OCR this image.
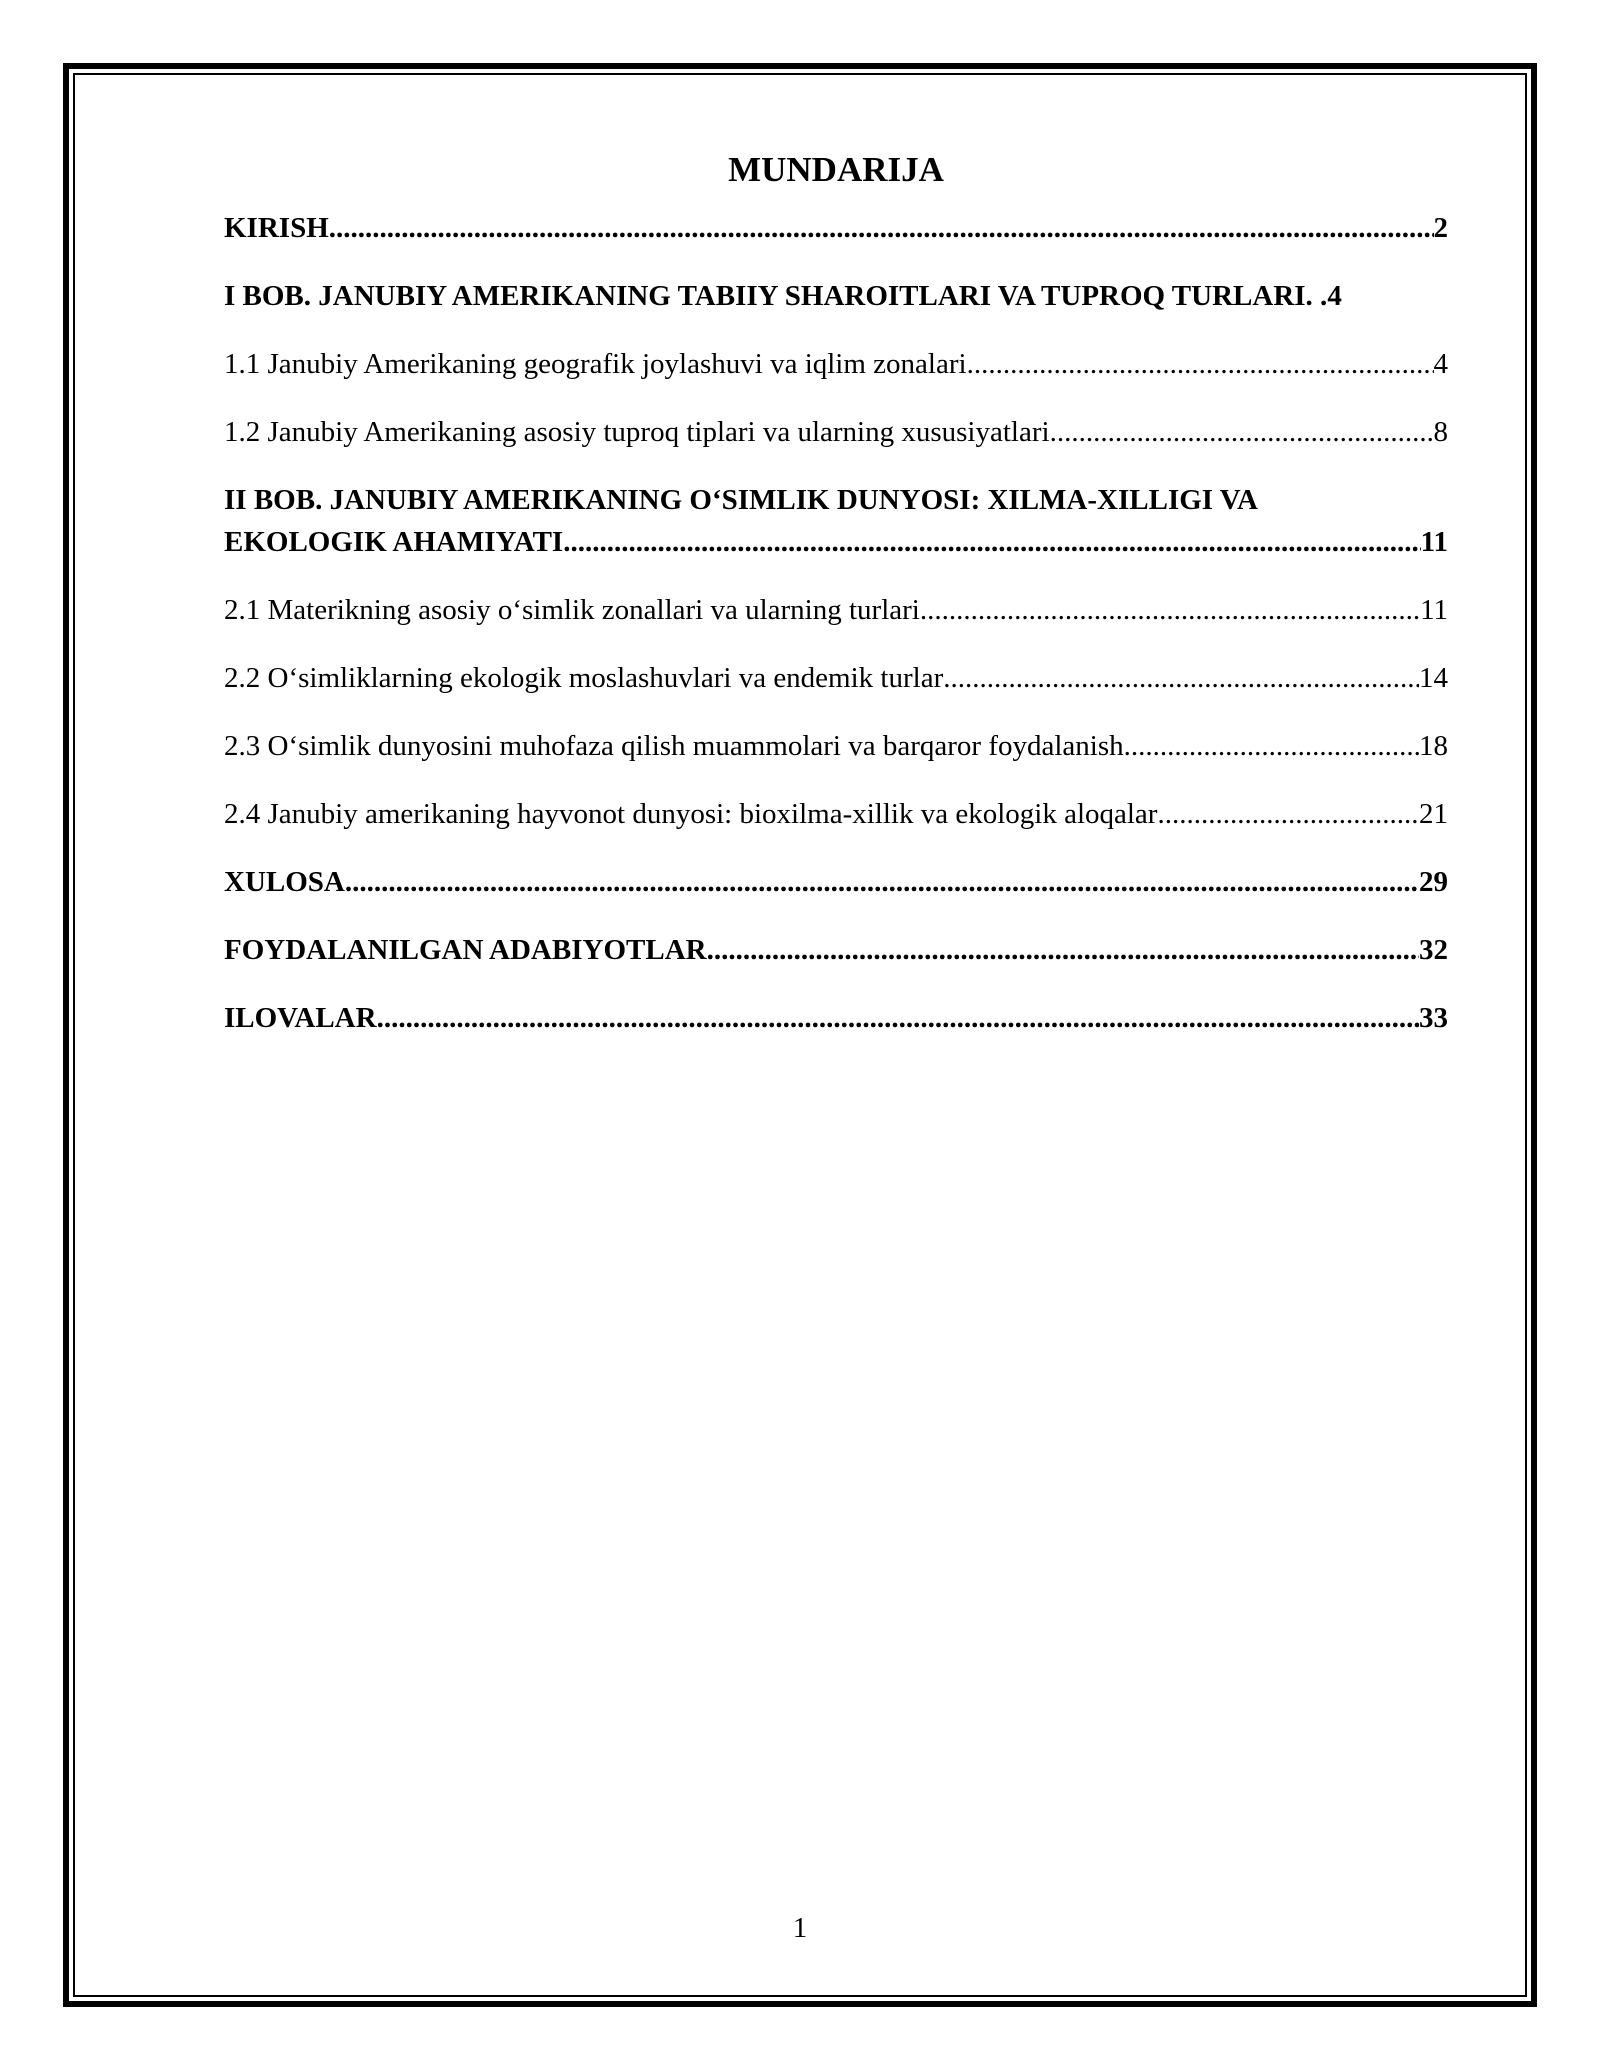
MUNDARIJA
KIRISH .....	2
I BOB. JANUBIY AMERIKANING TABIIY SHAROITLARI VA TUPROQ TURLARI. . 4
1.1 Janubiy Amerikaning geografik joylashuvi va iqlim zonalari .....	4
1.2 Janubiy Amerikaning asosiy tuproq tiplari va ularning xususiyatlari .....	8
II BOB. JANUBIY AMERIKANING O‘SIMLIK DUNYOSI: XILMA-XILLIGI VA
EKOLOGIK AHAMIYATI .....	11
2.1 Materikning asosiy o‘simlik zonallari va ularning turlari .....	11
2.2 O‘simliklarning ekologik moslashuvlari va endemik turlar .....	14
2.3 O‘simlik dunyosini muhofaza qilish muammolari va barqaror foydalanish .....	18
2.4 Janubiy amerikaning hayvonot dunyosi: bioxilma-xillik va ekologik aloqalar .....	21
XULOSA .....	29
FOYDALANILGAN ADABIYOTLAR .....	32
ILOVALAR .....	33
1
